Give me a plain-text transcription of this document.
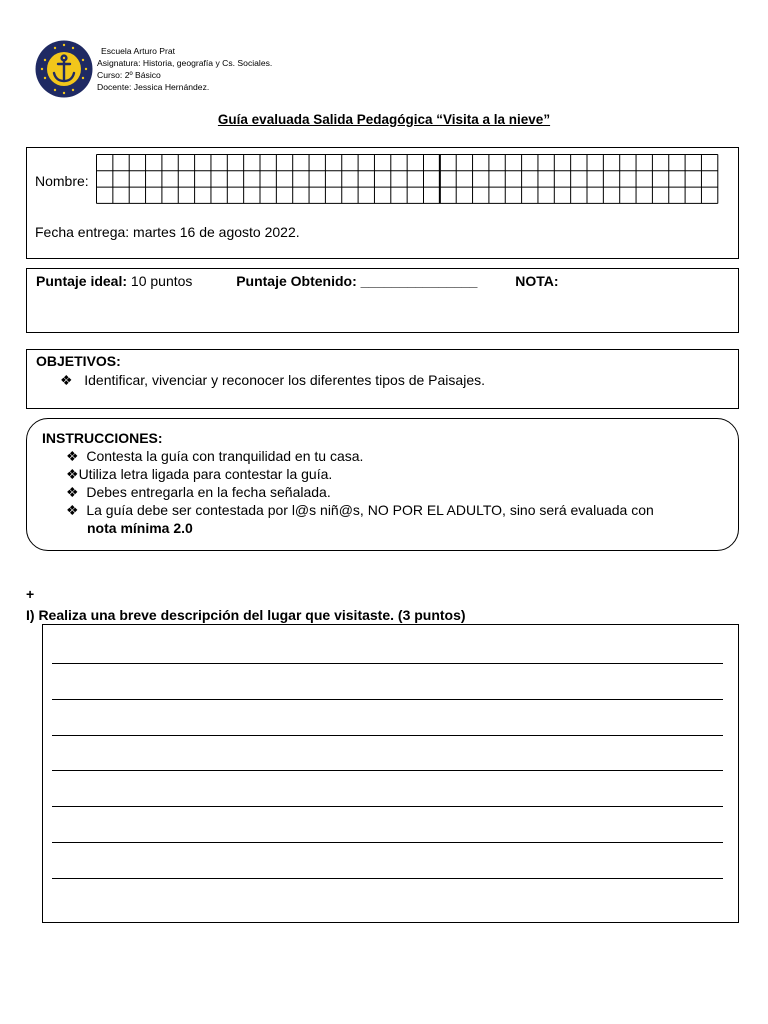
Escuela Arturo Prat
Asignatura: Historia, geografía y Cs. Sociales.
Curso: 2º Básico
Docente: Jessica Hernández.
Guía evaluada Salida Pedagógica “Visita a la nieve”
Nombre:
Fecha entrega: martes 16 de agosto 2022.
Puntaje ideal: 10 puntos	Puntaje Obtenido: _______________	NOTA:
OBJETIVOS:
❖ Identificar, vivenciar y reconocer los diferentes tipos de Paisajes.
INSTRUCCIONES:
❖ Contesta la guía con tranquilidad en tu casa.
❖Utiliza letra ligada para contestar la guía.
❖ Debes entregarla en la fecha señalada.
❖ La guía debe ser contestada por l@s niñ@s, NO POR EL ADULTO, sino será evaluada con
nota mínima 2.0
+
I) Realiza una breve descripción del lugar que visitaste. (3 puntos)
